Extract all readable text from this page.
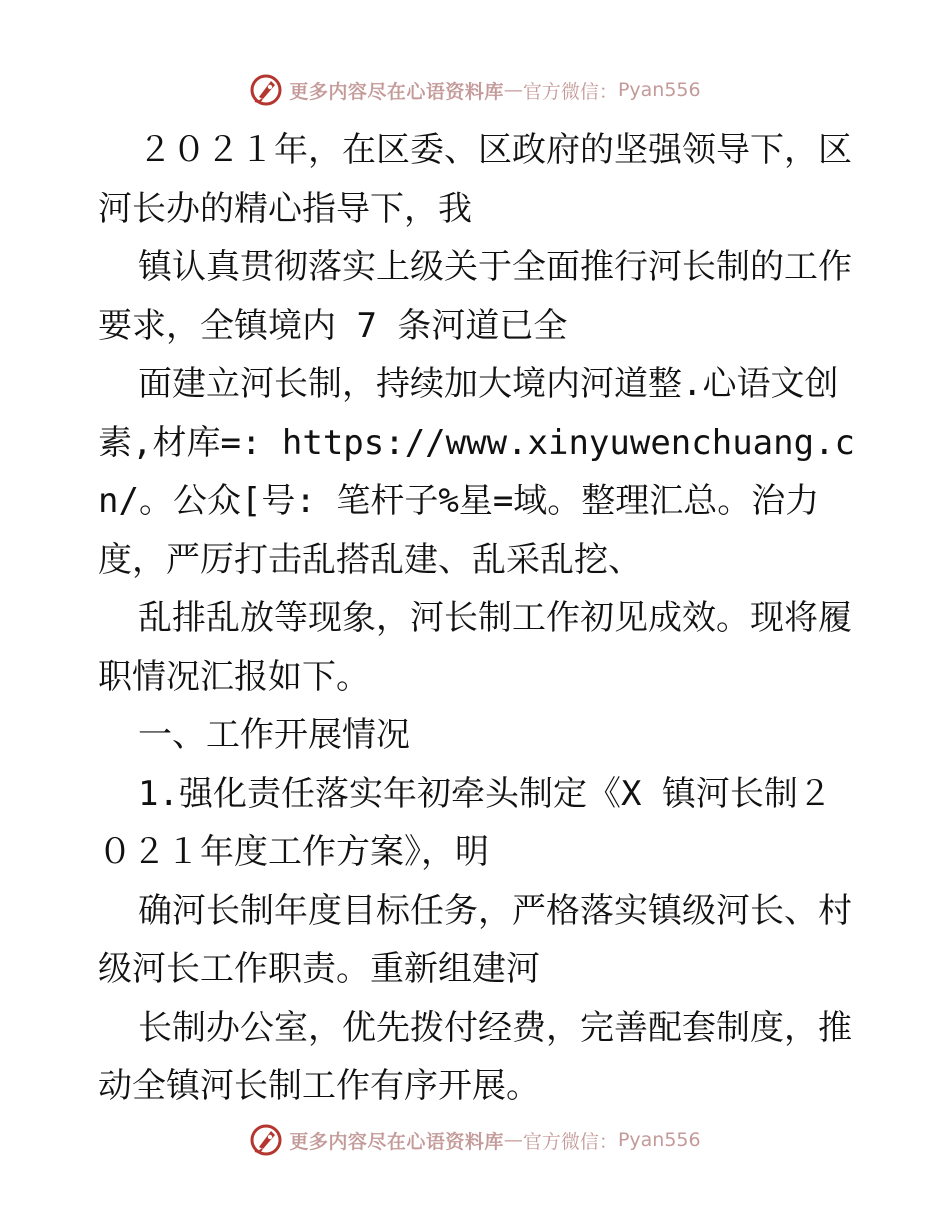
更多内容尽在心语资料库 — 官方微信： Pyan556

２０２１年，在区委、区政府的坚强领导下，区河长办的精心指导下，我

镇认真贯彻落实上级关于全面推行河长制的工作要求，全镇境内 7 条河道已全

面建立河长制，持续加大境内河道整.心语文创素,材库=: https://www.xinyuwenchuang.cn/。公众[号: 笔杆子%星=域。整理汇总。治力度，严厉打击乱搭乱建、乱采乱挖、

乱排乱放等现象，河长制工作初见成效。现将履职情况汇报如下。

一、工作开展情况

1.强化责任落实年初牵头制定《X 镇河长制２０２１年度工作方案》，明

确河长制年度目标任务，严格落实镇级河长、村级河长工作职责。重新组建河

长制办公室，优先拨付经费，完善配套制度，推动全镇河长制工作有序开展。

更多内容尽在心语资料库 — 官方微信： Pyan556
